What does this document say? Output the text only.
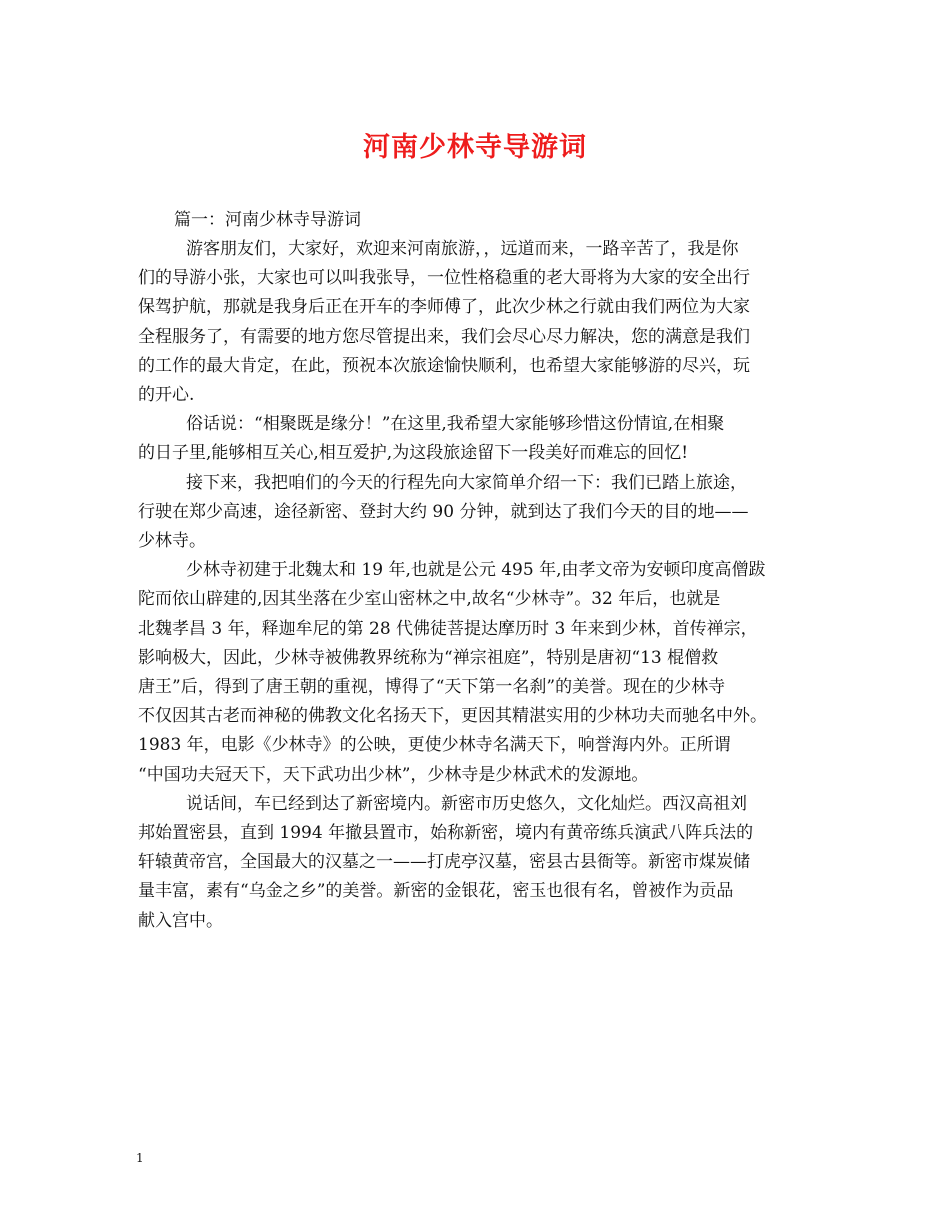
河南少林寺导游词

篇一：河南少林寺导游词

游客朋友们，大家好，欢迎来河南旅游，，远道而来，一路辛苦了，我是你
们的导游小张，大家也可以叫我张导，一位性格稳重的老大哥将为大家的安全出行
保驾护航，那就是我身后正在开车的李师傅了，此次少林之行就由我们两位为大家
全程服务了，有需要的地方您尽管提出来，我们会尽心尽力解决，您的满意是我们
的工作的最大肯定，在此，预祝本次旅途愉快顺利，也希望大家能够游的尽兴，玩
的开心.

俗话说：“相聚既是缘分！”在这里,我希望大家能够珍惜这份情谊,在相聚
的日子里,能够相互关心,相互爱护,为这段旅途留下一段美好而难忘的回忆!

接下来，我把咱们的今天的行程先向大家简单介绍一下：我们已踏上旅途，
行驶在郑少高速，途径新密、登封大约 90 分钟，就到达了我们今天的目的地——
少林寺。

少林寺初建于北魏太和 19 年,也就是公元 495 年,由孝文帝为安顿印度高僧跋
陀而依山辟建的,因其坐落在少室山密林之中,故名“少林寺”。32 年后，也就是
北魏孝昌 3 年，释迦牟尼的第 28 代佛徒菩提达摩历时 3 年来到少林，首传禅宗，
影响极大，因此，少林寺被佛教界统称为“禅宗祖庭”，特别是唐初“13 棍僧救
唐王”后，得到了唐王朝的重视，博得了“天下第一名刹”的美誉。现在的少林寺
不仅因其古老而神秘的佛教文化名扬天下，更因其精湛实用的少林功夫而驰名中外。
1983 年，电影《少林寺》的公映，更使少林寺名满天下，响誉海内外。正所谓
“中国功夫冠天下，天下武功出少林”，少林寺是少林武术的发源地。

说话间，车已经到达了新密境内。新密市历史悠久，文化灿烂。西汉高祖刘
邦始置密县，直到 1994 年撤县置市，始称新密，境内有黄帝练兵演武八阵兵法的
轩辕黄帝宫，全国最大的汉墓之一——打虎亭汉墓，密县古县衙等。新密市煤炭储
量丰富，素有“乌金之乡”的美誉。新密的金银花，密玉也很有名，曾被作为贡品
献入宫中。

1
